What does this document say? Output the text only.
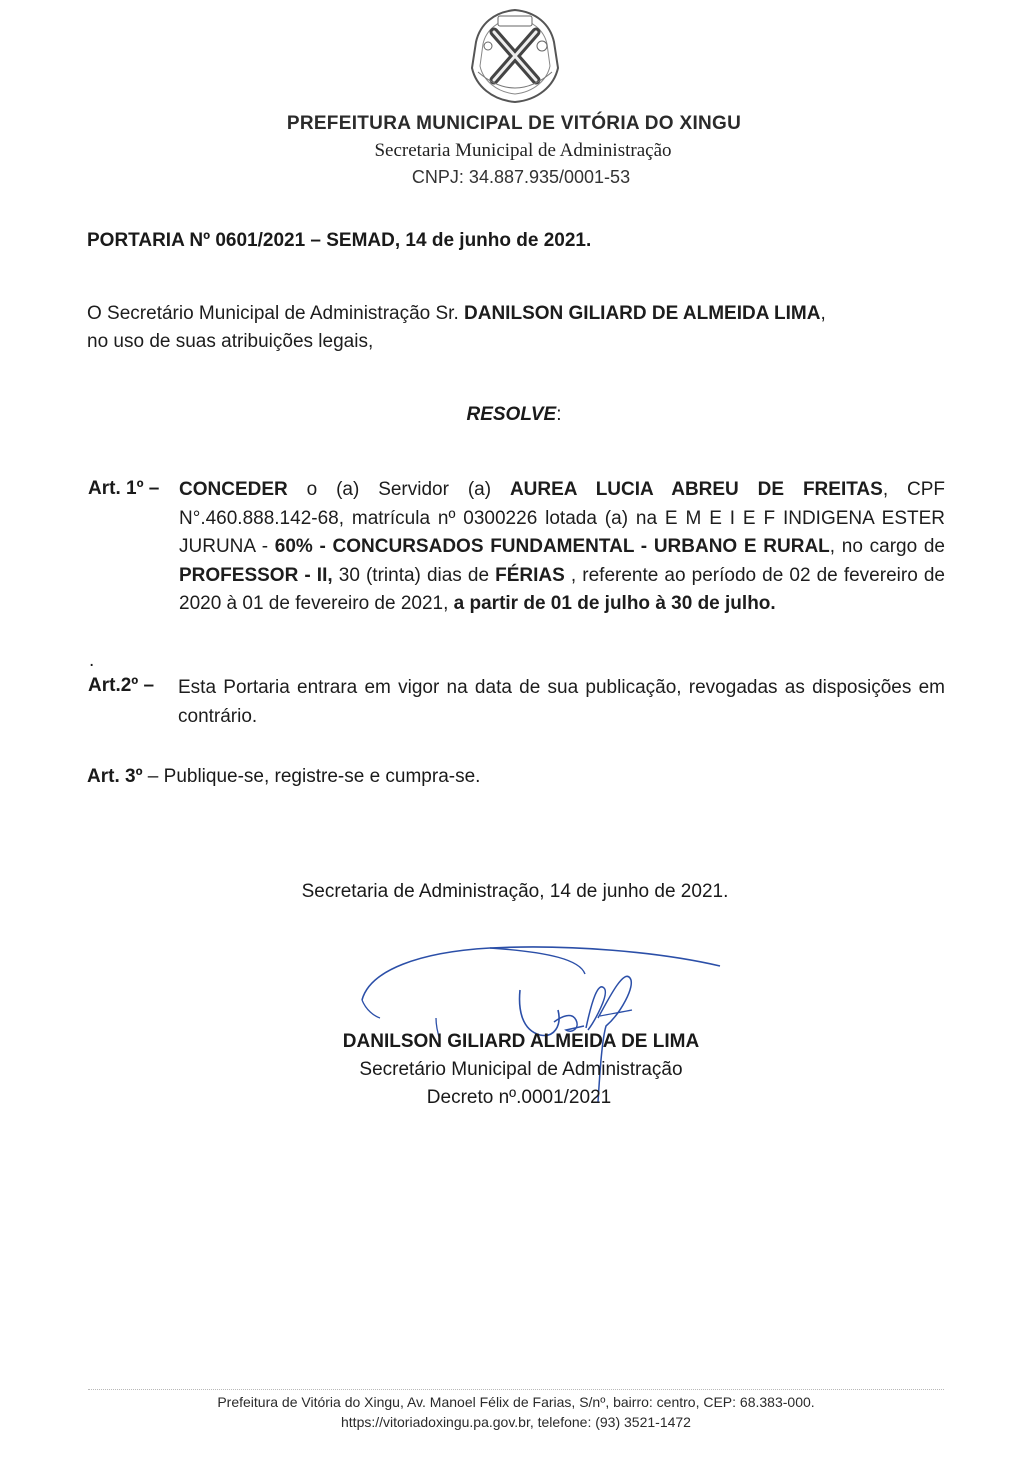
PREFEITURA MUNICIPAL DE VITÓRIA DO XINGU
Secretaria Municipal de Administração
CNPJ: 34.887.935/0001-53
PORTARIA Nº 0601/2021 – SEMAD, 14 de junho de 2021.
O Secretário Municipal de Administração Sr. DANILSON GILIARD DE ALMEIDA LIMA,
no uso de suas atribuições legais,
RESOLVE:
Art. 1º – CONCEDER o (a) Servidor (a) AUREA LUCIA ABREU DE FREITAS, CPF N°.460.888.142-68, matrícula nº 0300226 lotada (a) na E M E I E F INDIGENA ESTER JURUNA - 60% - CONCURSADOS FUNDAMENTAL - URBANO E RURAL, no cargo de PROFESSOR - II, 30 (trinta) dias de FÉRIAS , referente ao período de 02 de fevereiro de 2020 à 01 de fevereiro de 2021, a partir de 01 de julho à 30 de julho.
.
Art.2º – Esta Portaria entrara em vigor na data de sua publicação, revogadas as disposições em contrário.
Art. 3º – Publique-se, registre-se e cumpra-se.
Secretaria de Administração, 14 de junho de 2021.
DANILSON GILIARD ALMEIDA DE LIMA
Secretário Municipal de Administração
Decreto nº.0001/2021
Prefeitura de Vitória do Xingu, Av. Manoel Félix de Farias, S/nº, bairro: centro, CEP: 68.383-000.
https://vitoriadoxingu.pa.gov.br, telefone: (93) 3521-1472
